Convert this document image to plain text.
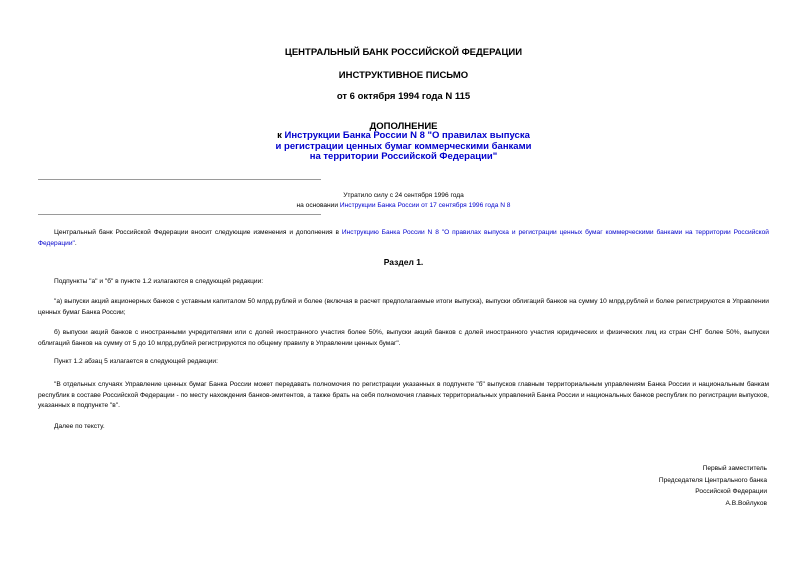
ЦЕНТРАЛЬНЫЙ БАНК РОССИЙСКОЙ ФЕДЕРАЦИИ
ИНСТРУКТИВНОЕ ПИСЬМО
от 6 октября 1994 года N 115
ДОПОЛНЕНИЕ
к Инструкции Банка России N 8 "О правилах выпуска
и регистрации ценных бумаг коммерческими банками
на территории Российской Федерации"
Утратило силу с 24 сентября 1996 года
на основании Инструкции Банка России от 17 сентября 1996 года N 8
Центральный банк Российской Федерации вносит следующие изменения и дополнения в Инструкцию Банка России N 8 "О правилах выпуска и регистрации ценных бумаг коммерческими банками на территории Российской Федерации".
Раздел 1.
Подпункты "а" и "б" в пункте 1.2 излагаются в следующей редакции:
"а) выпуски акций акционерных банков с уставным капиталом 50 млрд.рублей и более (включая в расчет предполагаемые итоги выпуска), выпуски облигаций банков на сумму 10 млрд.рублей и более регистрируются в Управлении ценных бумаг Банка России;
б) выпуски акций банков с иностранными учредителями или с долей иностранного участия более 50%, выпуски акций банков с долей иностранного участия юридических и физических лиц из стран СНГ более 50%, выпуски облигаций банков на сумму от 5 до 10 млрд.рублей регистрируются по общему правилу в Управлении ценных бумаг".
Пункт 1.2 абзац 5 излагается в следующей редакции:
"В отдельных случаях Управление ценных бумаг Банка России может передавать полномочия по регистрации указанных в подпункте "б" выпусков главным территориальным управлениям Банка России и национальным банкам республик в составе Российской Федерации - по месту нахождения банков-эмитентов, а также брать на себя полномочия главных территориальных управлений Банка России и национальных банков республик по регистрации выпусков, указанных в подпункте "в".
Далее по тексту.
Первый заместитель
Председателя Центрального банка
Российской Федерации
А.В.Войлуков
